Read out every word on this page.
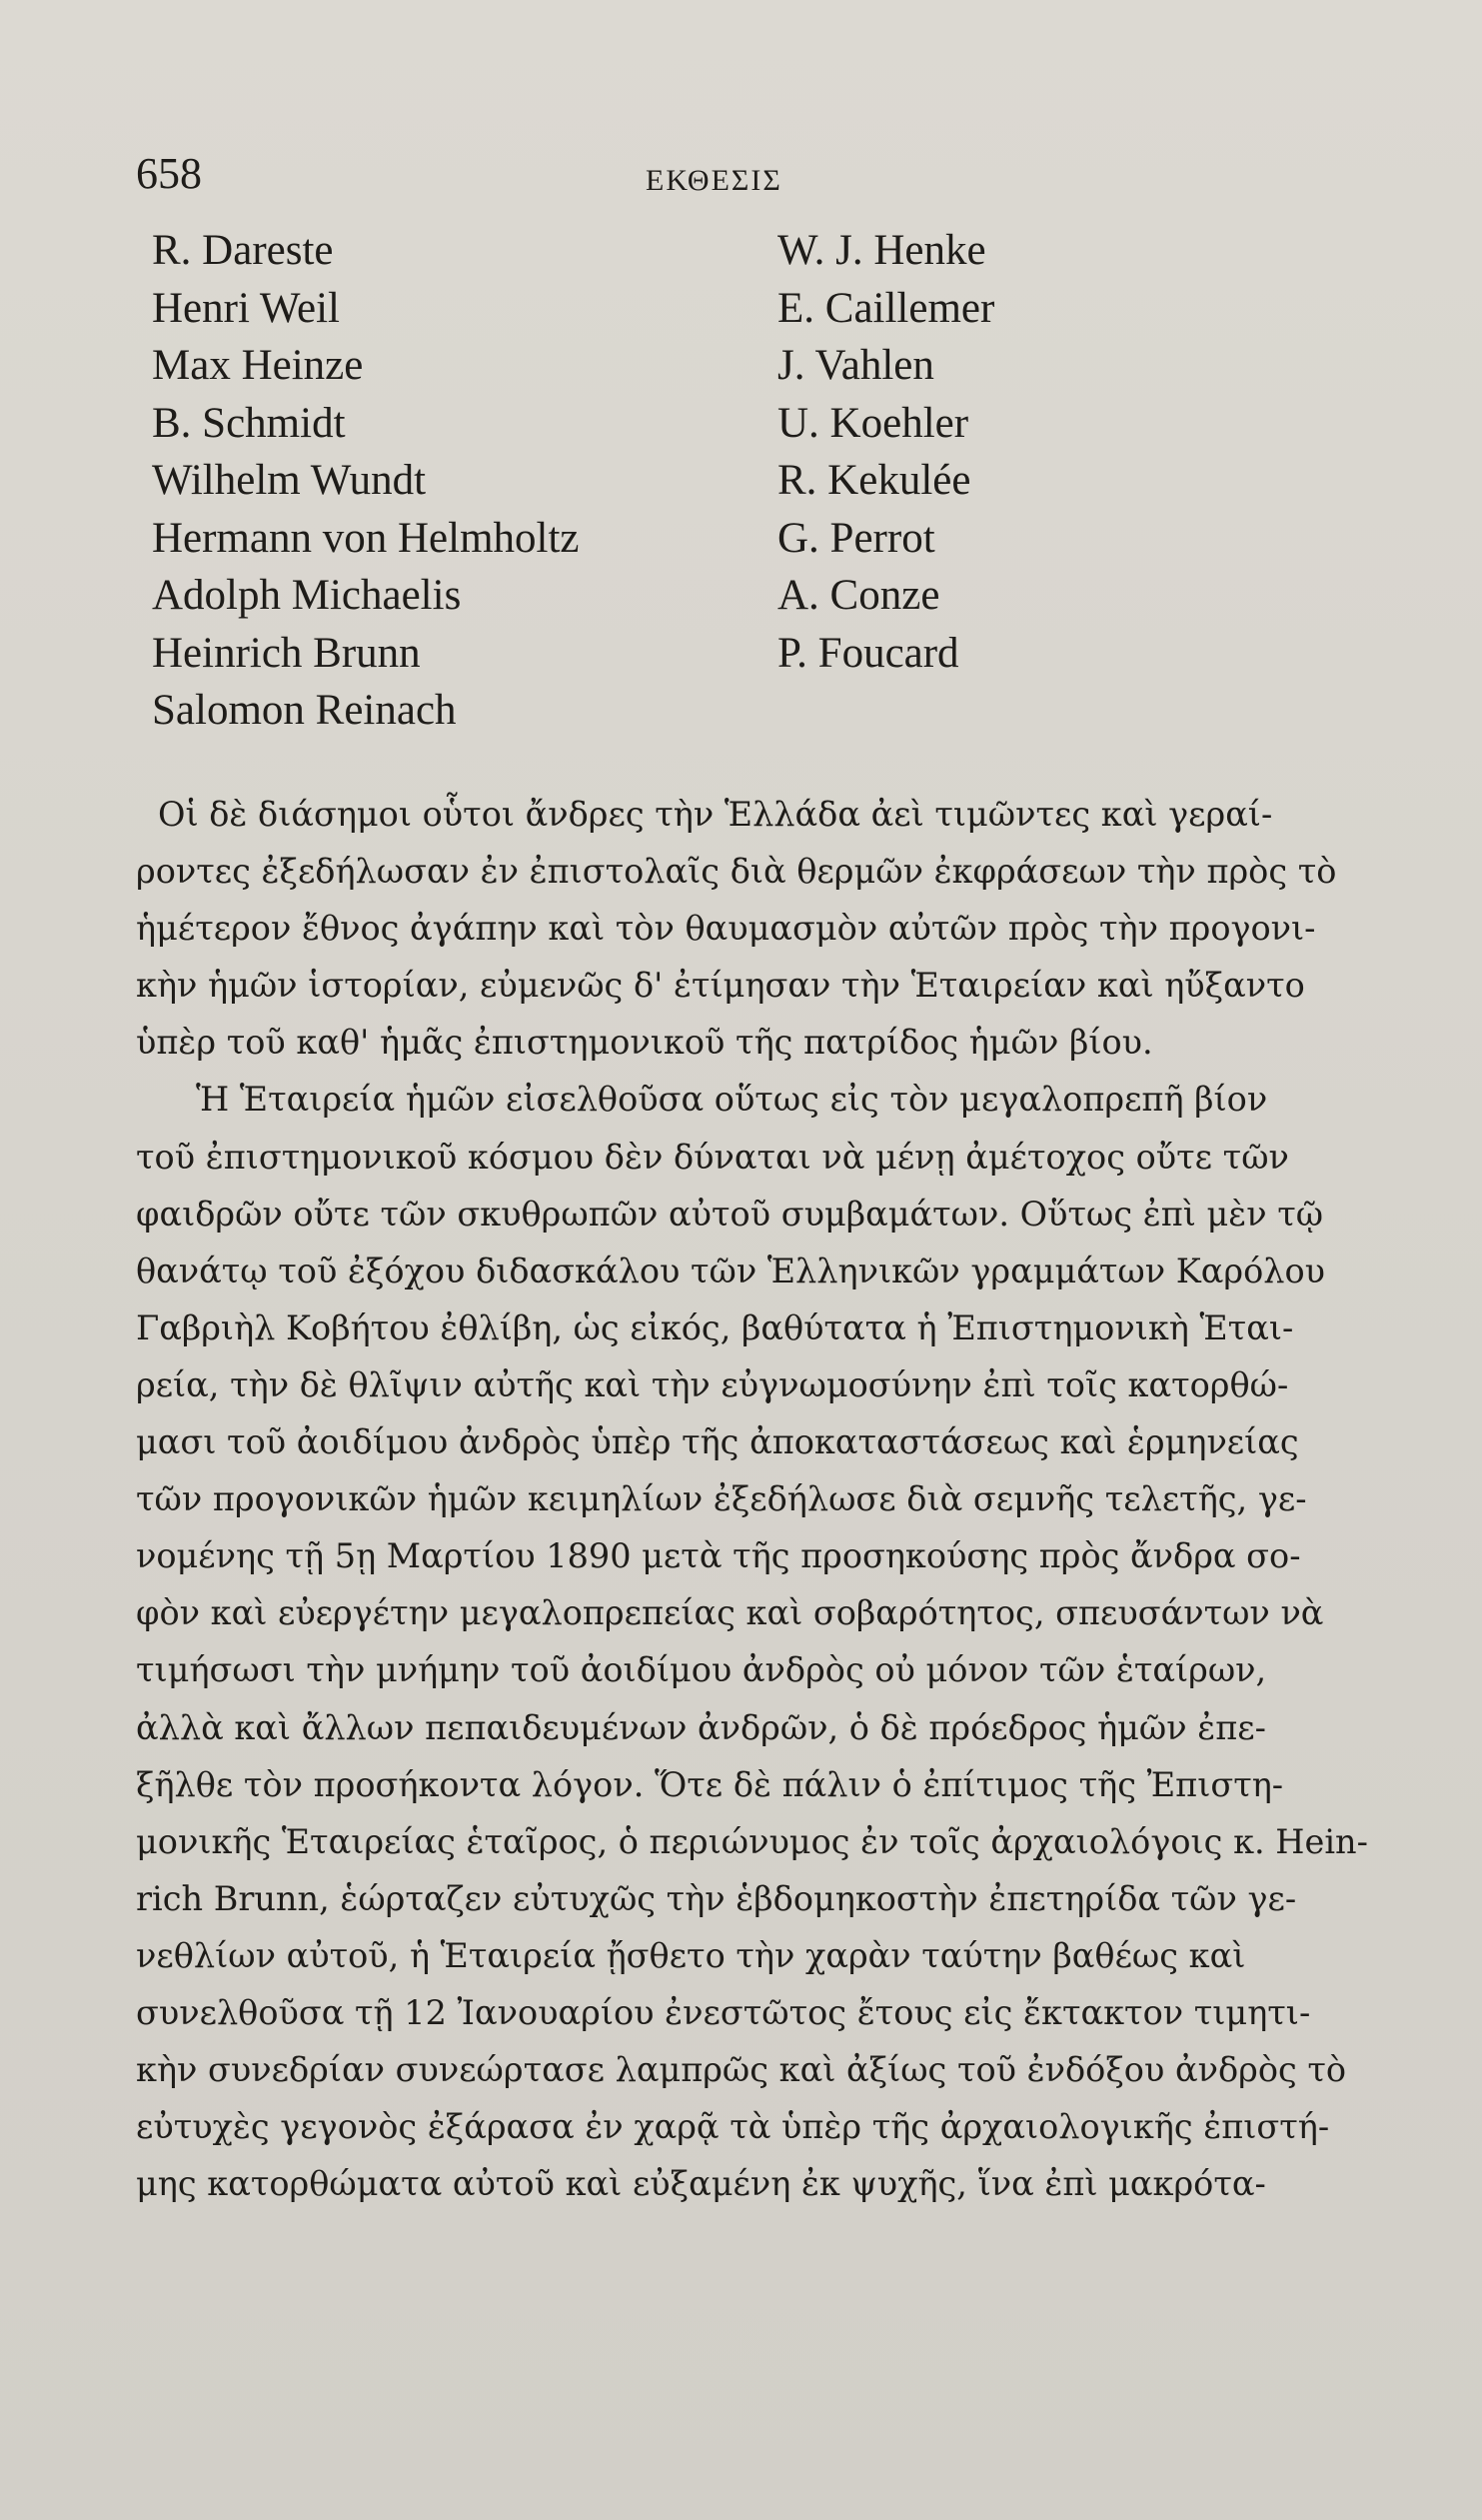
658	ΕΚΘΕΣΙΣ
R. Dareste
Henri Weil
Max Heinze
B. Schmidt
Wilhelm Wundt
Hermann von Helmholtz
Adolph Michaelis
Heinrich Brunn
Salomon Reinach
W. J. Henke
E. Caillemer
J. Vahlen
U. Koehler
R. Kekulée
G. Perrot
A. Conze
P. Foucard
Οἱ δὲ διάσημοι οὗτοι ἄνδρες τὴν Ἑλλάδα ἀεὶ τιμῶντες καὶ γεραί-
ροντες ἐξεδήλωσαν ἐν ἐπιστολαῖς διὰ θερμῶν ἐκφράσεων τὴν πρὸς τὸ
ἡμέτερον ἔθνος ἀγάπην καὶ τὸν θαυμασμὸν αὐτῶν πρὸς τὴν προγονι-
κὴν ἡμῶν ἱστορίαν, εὐμενῶς δ' ἐτίμησαν τὴν Ἑταιρείαν καὶ ηὔξαντο
ὑπὲρ τοῦ καθ' ἡμᾶς ἐπιστημονικοῦ τῆς πατρίδος ἡμῶν βίου.
Ἡ Ἑταιρεία ἡμῶν εἰσελθοῦσα οὕτως εἰς τὸν μεγαλοπρεπῆ βίον
τοῦ ἐπιστημονικοῦ κόσμου δὲν δύναται νὰ μένῃ ἀμέτοχος οὔτε τῶν
φαιδρῶν οὔτε τῶν σκυθρωπῶν αὐτοῦ συμβαμάτων. Οὕτως ἐπὶ μὲν τῷ
θανάτῳ τοῦ ἐξόχου διδασκάλου τῶν Ἑλληνικῶν γραμμάτων Καρόλου
Γαβριὴλ Κοβήτου ἐθλίβη, ὡς εἰκός, βαθύτατα ἡ Ἐπιστημονικὴ Ἑται-
ρεία, τὴν δὲ θλῖψιν αὐτῆς καὶ τὴν εὐγνωμοσύνην ἐπὶ τοῖς κατορθώ-
μασι τοῦ ἀοιδίμου ἀνδρὸς ὑπὲρ τῆς ἀποκαταστάσεως καὶ ἑρμηνείας
τῶν προγονικῶν ἡμῶν κειμηλίων ἐξεδήλωσε διὰ σεμνῆς τελετῆς, γε-
νομένης τῇ 5ῃ Μαρτίου 1890 μετὰ τῆς προσηκούσης πρὸς ἄνδρα σο-
φὸν καὶ εὐεργέτην μεγαλοπρεπείας καὶ σοβαρότητος, σπευσάντων νὰ
τιμήσωσι τὴν μνήμην τοῦ ἀοιδίμου ἀνδρὸς οὐ μόνον τῶν ἑταίρων,
ἀλλὰ καὶ ἄλλων πεπαιδευμένων ἀνδρῶν, ὁ δὲ πρόεδρος ἡμῶν ἐπε-
ξῆλθε τὸν προσήκοντα λόγον. Ὅτε δὲ πάλιν ὁ ἐπίτιμος τῆς Ἐπιστη-
μονικῆς Ἑταιρείας ἑταῖρος, ὁ περιώνυμος ἐν τοῖς ἀρχαιολόγοις κ. Hein-
rich Brunn, ἑώρταζεν εὐτυχῶς τὴν ἑβδομηκοστὴν ἐπετηρίδα τῶν γε-
νεθλίων αὐτοῦ, ἡ Ἑταιρεία ᾔσθετο τὴν χαρὰν ταύτην βαθέως καὶ
συνελθοῦσα τῇ 12 Ἰανουαρίου ἐνεστῶτος ἔτους εἰς ἔκτακτον τιμητι-
κὴν συνεδρίαν συνεώρτασε λαμπρῶς καὶ ἀξίως τοῦ ἐνδόξου ἀνδρὸς τὸ
εὐτυχὲς γεγονὸς ἐξάρασα ἐν χαρᾷ τὰ ὑπὲρ τῆς ἀρχαιολογικῆς ἐπιστή-
μης κατορθώματα αὐτοῦ καὶ εὐξαμένη ἐκ ψυχῆς, ἵνα ἐπὶ μακρότα-
